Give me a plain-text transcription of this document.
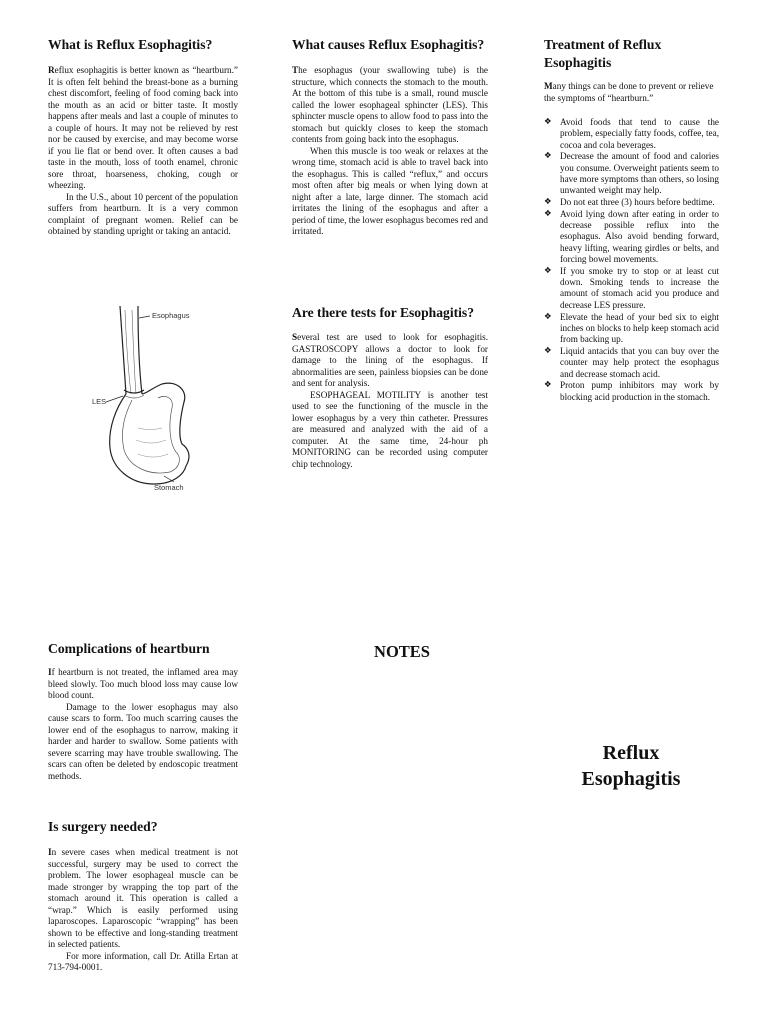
What is Reflux Esophagitis?

Reflux esophagitis is better known as “heartburn.” It is often felt behind the breast-bone as a burning chest discomfort, feeling of food coming back into the mouth as an acid or bitter taste. It mostly happens after meals and last a couple of minutes to a couple of hours. It may not be relieved by rest nor be caused by exercise, and may become worse if you lie flat or bend over. It often causes a bad taste in the mouth, loss of tooth enamel, chronic sore throat, hoarseness, choking, cough or wheezing.

In the U.S., about 10 percent of the population suffers from heartburn. It is a very common complaint of pregnant women. Relief can be obtained by standing upright or taking an antacid.

Esophagus
LES
Stomach
What causes Reflux Esophagitis?

The esophagus (your swallowing tube) is the structure, which connects the stomach to the mouth. At the bottom of this tube is a small, round muscle called the lower esophageal sphincter (LES). This sphincter muscle opens to allow food to pass into the stomach but quickly closes to keep the stomach contents from going back into the esophagus.

When this muscle is too weak or relaxes at the wrong time, stomach acid is able to travel back into the esophagus. This is called “reflux,” and occurs most often after big meals or when lying down at night after a late, large dinner. The stomach acid irritates the lining of the esophagus and after a period of time, the lower esophagus becomes red and irritated.

Are there tests for Esophagitis?

Several test are used to look for esophagitis. GASTROSCOPY allows a doctor to look for damage to the lining of the esophagus. If abnormalities are seen, painless biopsies can be done and sent for analysis.

ESOPHAGEAL MOTILITY is another test used to see the functioning of the muscle in the lower esophagus by a very thin catheter. Pressures are measured and analyzed with the aid of a computer. At the same time, 24-hour ph MONITORING can be recorded using computer chip technology.

Treatment of Reflux Esophagitis

Many things can be done to prevent or relieve the symptoms of “heartburn.”

❖ Avoid foods that tend to cause the problem, especially fatty foods, coffee, tea, cocoa and cola beverages.
❖ Decrease the amount of food and calories you consume. Overweight patients seem to have more symptoms than others, so losing unwanted weight may help.
❖ Do not eat three (3) hours before bedtime.
❖ Avoid lying down after eating in order to decrease possible reflux into the esophagus. Also avoid bending forward, heavy lifting, wearing girdles or belts, and forcing bowel movements.
❖ If you smoke try to stop or at least cut down. Smoking tends to increase the amount of stomach acid you produce and decrease LES pressure.
❖ Elevate the head of your bed six to eight inches on blocks to help keep stomach acid from backing up.
❖ Liquid antacids that you can buy over the counter may help protect the esophagus and decrease stomach acid.
❖ Proton pump inhibitors may work by blocking acid production in the stomach.
Complications of heartburn

If heartburn is not treated, the inflamed area may bleed slowly. Too much blood loss may cause low blood count.

Damage to the lower esophagus may also cause scars to form. Too much scarring causes the lower end of the esophagus to narrow, making it harder and harder to swallow. Some patients with severe scarring may have trouble swallowing. The scars can often be deleted by endoscopic treatment methods.

Is surgery needed?

In severe cases when medical treatment is not successful, surgery may be used to correct the problem. The lower esophageal muscle can be made stronger by wrapping the top part of the stomach around it. This operation is called a “wrap.” Which is easily performed using laparoscopes. Laparoscopic “wrapping” has been shown to be effective and long-standing treatment in selected patients.

For more information, call Dr. Atilla Ertan at 713-794-0001.

NOTES
Reflux
Esophagitis
